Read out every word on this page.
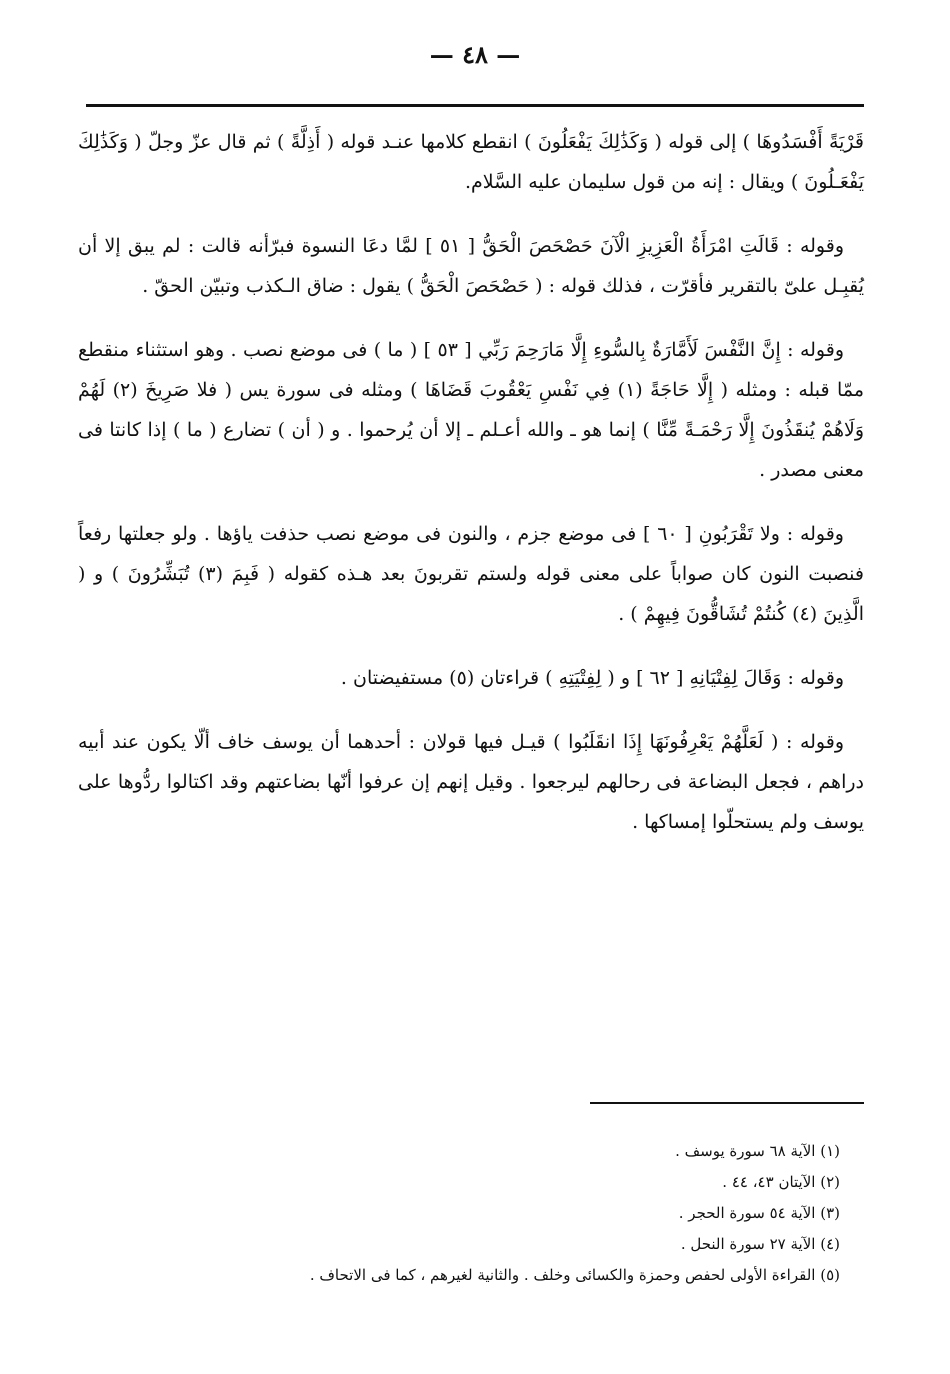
— ٤٨ —

قَرْيَةً أَفْسَدُوهَا ) إلى قوله ( وَكَذَٰلِكَ يَفْعَلُونَ ) انقطع كلامها عنـد قوله ( أَذِلَّةً ) ثم قال عزّ وجلّ ( وَكَذَٰلِكَ يَفْعَـلُونَ ) ويقال : إنه من قول سليمان عليه السَّلام.

وقوله : قَالَتِ امْرَأَةُ الْعَزِيزِ الْآنَ حَصْحَصَ الْحَقُّ [ ٥١ ] لمَّا دعَا النسوة فبرّأنه قالت : لم يبق إلا أن يُقبِـل علىّ بالتقرير فأقرّت ، فذلك قوله : ( حَصْحَصَ الْحَقُّ ) يقول : ضاق الـكذب وتبيّن الحقّ .

وقوله : إِنَّ النَّفْسَ لَأَمَّارَةٌ بِالسُّوءِ إِلَّا مَارَحِمَ رَبِّي [ ٥٣ ] ( ما ) فى موضع نصب . وهو استثناء منقطع ممّا قبله : ومثله ( إِلَّا حَاجَةً (١) فِي نَفْسِ يَعْقُوبَ قَضَاهَا ) ومثله فى سورة يس ( فلا صَرِيخَ (٢) لَهُمْ وَلَاهُمْ يُنقَذُونَ إِلَّا رَحْمَـةً مِّنَّا ) إنما هو ـ والله أعـلم ـ إلا أن يُرحموا . و ( أن ) تضارع ( ما ) إذا كانتا فى معنى مصدر .

وقوله : ولا تَقْرَبُونِ [ ٦٠ ] فى موضع جزم ، والنون فى موضع نصب حذفت ياؤها . ولو جعلتها رفعاً فنصبت النون كان صواباً على معنى قوله ولستم تقربونَ بعد هـذه كقوله ( فَبِمَ (٣) تُبَشِّرُونَ ) و ( الَّذِينَ (٤) كُنتُمْ تُشَاقُّونَ فِيهِمْ ) .

وقوله : وَقَالَ لِفِتْيَانِهِ [ ٦٢ ] و ( لِفِتْيَتِهِ ) قراءتان (٥) مستفيضتان .

وقوله : ( لَعَلَّهُمْ يَعْرِفُونَهَا إِذَا انقَلَبُوا ) قيـل فيها قولان : أحدهما أن يوسف خاف ألّا يكون عند أبيه دراهم ، فجعل البضاعة فى رحالهم ليرجعوا . وقيل إنهم إن عرفوا أنّها بضاعتهم وقد اكتالوا ردُّوها على يوسف ولم يستحلّوا إمساكها .

(١) الآية ٦٨ سورة يوسف .

(٢) الآيتان ٤٣، ٤٤ .

(٣) الآية ٥٤ سورة الحجر .

(٤) الآية ٢٧ سورة النحل .

(٥) القراءة الأولى لحفص وحمزة والكسائى وخلف . والثانية لغيرهم ، كما فى الاتحاف .
